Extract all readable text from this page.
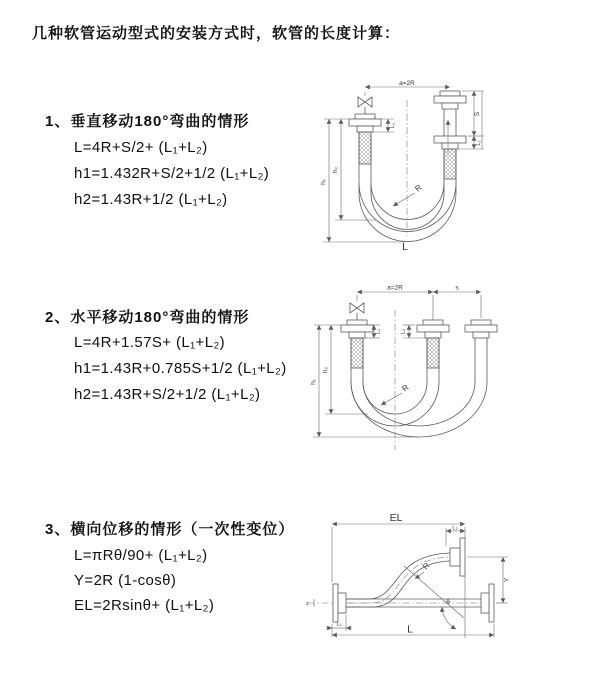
几种软管运动型式的安装方式时，软管的长度计算：
1、垂直移动180°弯曲的情形
L=4R+S/2+ (L₁+L₂)
h1=1.432R+S/2+1/2 (L₁+L₂)
h2=1.43R+1/2 (L₁+L₂)
a=2R
R
L₁
S
L₂
h₂
h₁
L
2、水平移动180°弯曲的情形
L=4R+1.57S+ (L₁+L₂)
h1=1.43R+0.785S+1/2 (L₁+L₂)
h2=1.43R+S/2+1/2 (L₁+L₂)
a=2R	s
R
L₁	L₂
h₂
h₁
3、横向位移的情形（一次性变位）
L=πRθ/90+ (L₁+L₂)
Y=2R (1-cosθ)
EL=2Rsinθ+ (L₁+L₂)	z
EL
L₂
R
θ
Y
L₁	L
